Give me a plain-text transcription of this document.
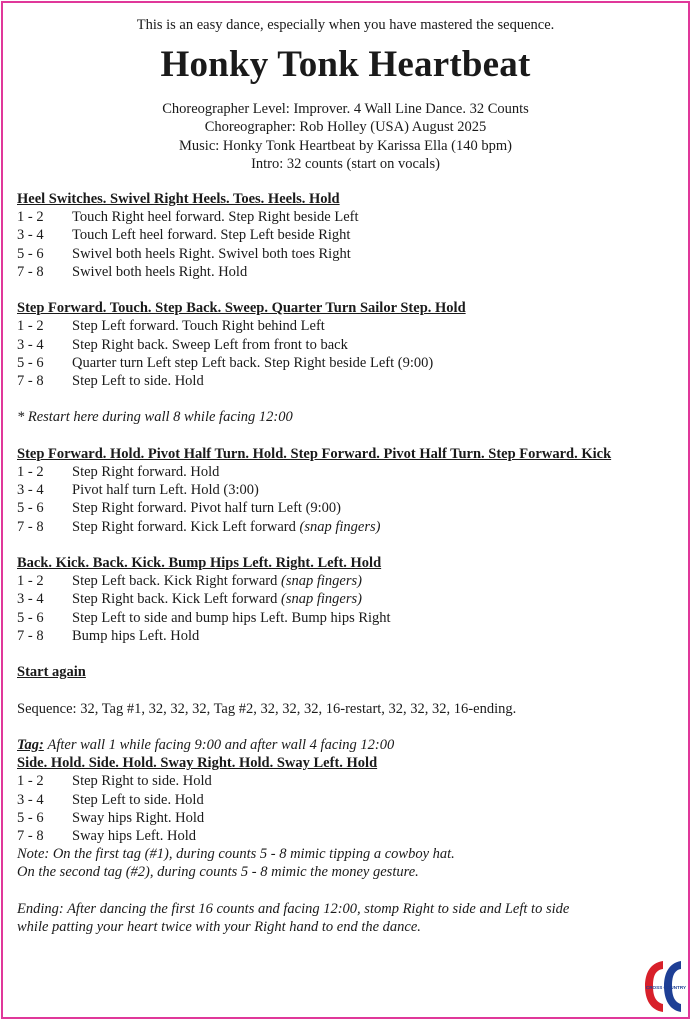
This is an easy dance, especially when you have mastered the sequence.
Honky Tonk Heartbeat
Choreographer Level: Improver. 4 Wall Line Dance. 32 Counts
Choreographer: Rob Holley (USA) August 2025
Music: Honky Tonk Heartbeat by Karissa Ella (140 bpm)
Intro: 32 counts (start on vocals)
Heel Switches. Swivel Right Heels. Toes. Heels. Hold
1 - 2	Touch Right heel forward. Step Right beside Left
3 - 4	Touch Left heel forward. Step Left beside Right
5 - 6	Swivel both heels Right. Swivel both toes Right
7 - 8	Swivel both heels Right. Hold
Step Forward. Touch. Step Back. Sweep. Quarter Turn Sailor Step. Hold
1 - 2	Step Left forward. Touch Right behind Left
3 - 4	Step Right back. Sweep Left from front to back
5 - 6	Quarter turn Left step Left back. Step Right beside Left (9:00)
7 - 8	Step Left to side. Hold
* Restart here during wall 8 while facing 12:00
Step Forward. Hold. Pivot Half Turn. Hold. Step Forward. Pivot Half Turn. Step Forward. Kick
1 - 2	Step Right forward. Hold
3 - 4	Pivot half turn Left. Hold (3:00)
5 - 6	Step Right forward. Pivot half turn Left (9:00)
7 - 8	Step Right forward. Kick Left forward
(snap fingers)
Back. Kick. Back. Kick. Bump Hips Left. Right. Left. Hold
1 - 2	Step Left back. Kick Right forward
(snap fingers)
3 - 4	Step Right back. Kick Left forward
(snap fingers)
5 - 6	Step Left to side and bump hips Left. Bump hips Right
7 - 8	Bump hips Left. Hold
Start again
Sequence: 32, Tag #1, 32, 32, 32, Tag #2, 32, 32, 32, 16-restart, 32, 32, 32, 16-ending.
Tag: After wall 1 while facing 9:00 and after wall 4 facing 12:00
Side. Hold. Side. Hold. Sway Right. Hold. Sway Left. Hold
1 - 2	Step Right to side. Hold
3 - 4	Step Left to side. Hold
5 - 6	Sway hips Right. Hold
7 - 8	Sway hips Left. Hold
Note: On the first tag (#1), during counts 5 - 8 mimic tipping a cowboy hat.
On the second tag (#2), during counts 5 - 8 mimic the money gesture.
Ending: After dancing the first 16 counts and facing 12:00, stomp Right to side and Left to side
while patting your heart twice with your Right hand to end the dance.
CROSS COUNTRY
